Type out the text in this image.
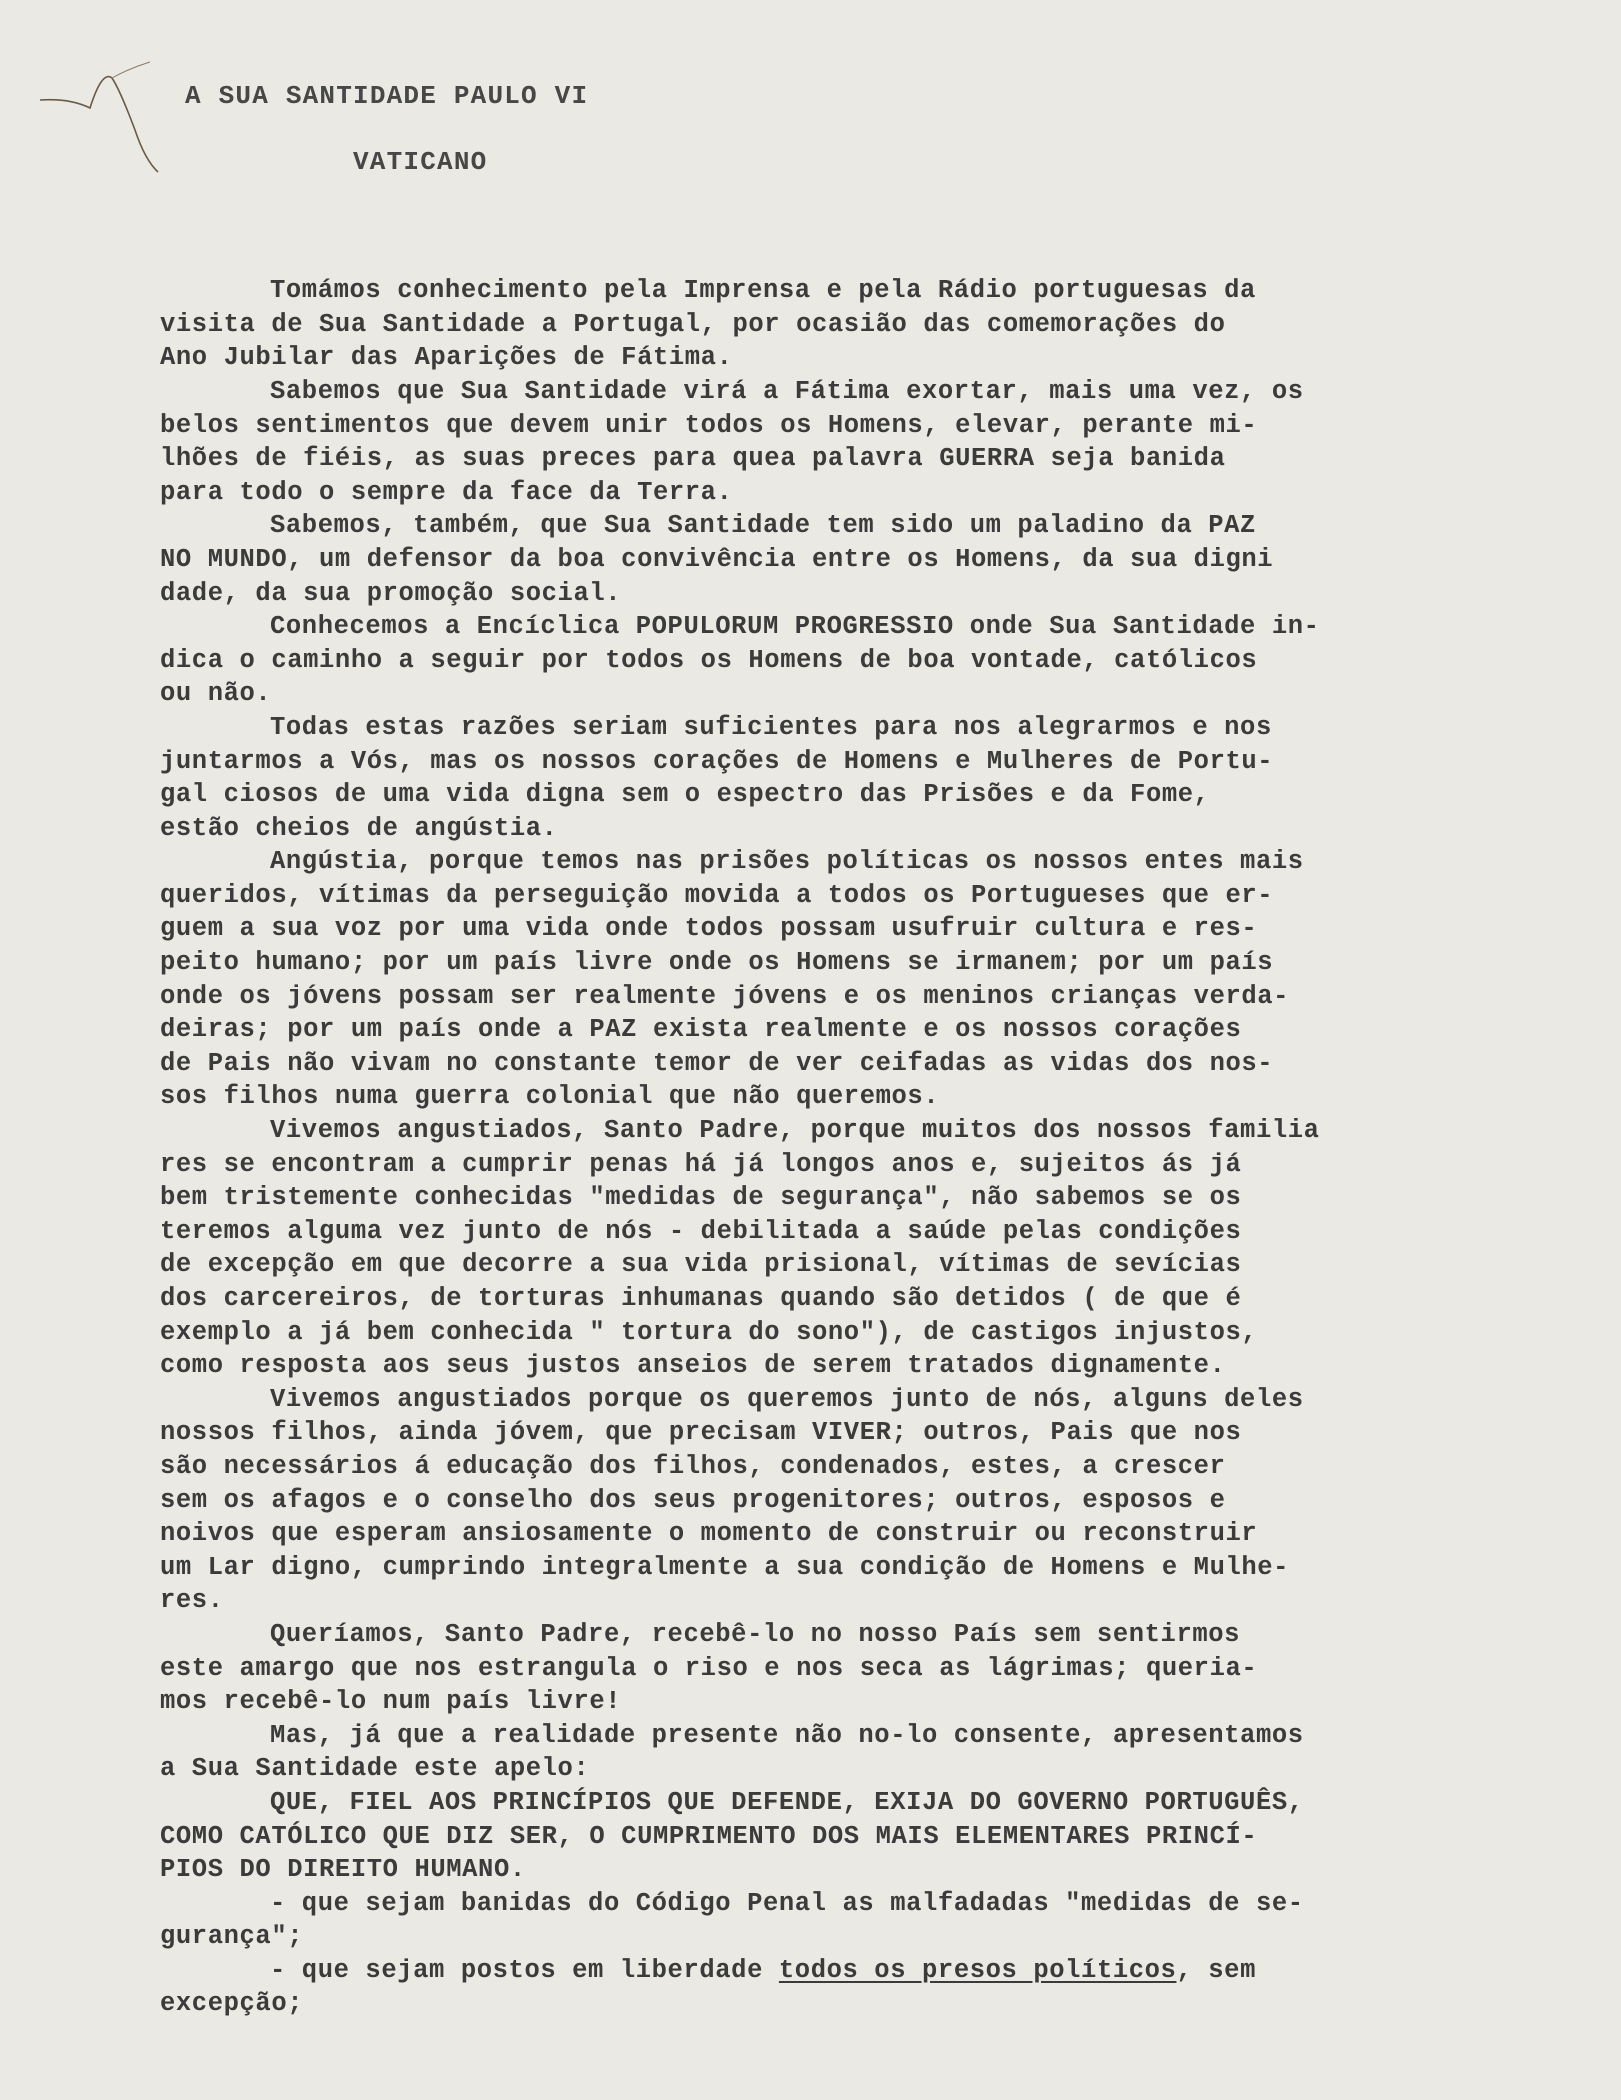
A SUA SANTIDADE PAULO VI
VATICANO
Tomámos conhecimento pela Imprensa e pela Rádio portuguesas da
visita de Sua Santidade a Portugal, por ocasião das comemorações do
Ano Jubilar das Aparições de Fátima.
Sabemos que Sua Santidade virá a Fátima exortar, mais uma vez, os
belos sentimentos que devem unir todos os Homens, elevar, perante mi-
lhões de fiéis, as suas preces para quea palavra GUERRA seja banida
para todo o sempre da face da Terra.
Sabemos, também, que Sua Santidade tem sido um paladino da PAZ
NO MUNDO, um defensor da boa convivência entre os Homens, da sua digni
dade, da sua promoção social.
Conhecemos a Encíclica POPULORUM PROGRESSIO onde Sua Santidade in-
dica o caminho a seguir por todos os Homens de boa vontade, católicos
ou não.
Todas estas razões seriam suficientes para nos alegrarmos e nos
juntarmos a Vós, mas os nossos corações de Homens e Mulheres de Portu-
gal ciosos de uma vida digna sem o espectro das Prisões e da Fome,
estão cheios de angústia.
Angústia, porque temos nas prisões políticas os nossos entes mais
queridos, vítimas da perseguição movida a todos os Portugueses que er-
guem a sua voz por uma vida onde todos possam usufruir cultura e res-
peito humano; por um país livre onde os Homens se irmanem; por um país
onde os jóvens possam ser realmente jóvens e os meninos crianças verda-
deiras; por um país onde a PAZ exista realmente e os nossos corações
de Pais não vivam no constante temor de ver ceifadas as vidas dos nos-
sos filhos numa guerra colonial que não queremos.
Vivemos angustiados, Santo Padre, porque muitos dos nossos familia
res se encontram a cumprir penas há já longos anos e, sujeitos ás já
bem tristemente conhecidas "medidas de segurança", não sabemos se os
teremos alguma vez junto de nós - debilitada a saúde pelas condições
de excepção em que decorre a sua vida prisional, vítimas de sevícias
dos carcereiros, de torturas inhumanas quando são detidos ( de que é
exemplo a já bem conhecida " tortura do sono"), de castigos injustos,
como resposta aos seus justos anseios de serem tratados dignamente.
Vivemos angustiados porque os queremos junto de nós, alguns deles
nossos filhos, ainda jóvem, que precisam VIVER; outros, Pais que nos
são necessários á educação dos filhos, condenados, estes, a crescer
sem os afagos e o conselho dos seus progenitores; outros, esposos e
noivos que esperam ansiosamente o momento de construir ou reconstruir
um Lar digno, cumprindo integralmente a sua condição de Homens e Mulhe-
res.
Queríamos, Santo Padre, recebê-lo no nosso País sem sentirmos
este amargo que nos estrangula o riso e nos seca as lágrimas; queria-
mos recebê-lo num país livre!
Mas, já que a realidade presente não no-lo consente, apresentamos
a Sua Santidade este apelo:
QUE, FIEL AOS PRINCÍPIOS QUE DEFENDE, EXIJA DO GOVERNO PORTUGUÊS,
COMO CATÓLICO QUE DIZ SER, O CUMPRIMENTO DOS MAIS ELEMENTARES PRINCÍ-
PIOS DO DIREITO HUMANO.
- que sejam banidas do Código Penal as malfadadas "medidas de se-
gurança";
- que sejam postos em liberdade todos os presos políticos, sem
excepção;
